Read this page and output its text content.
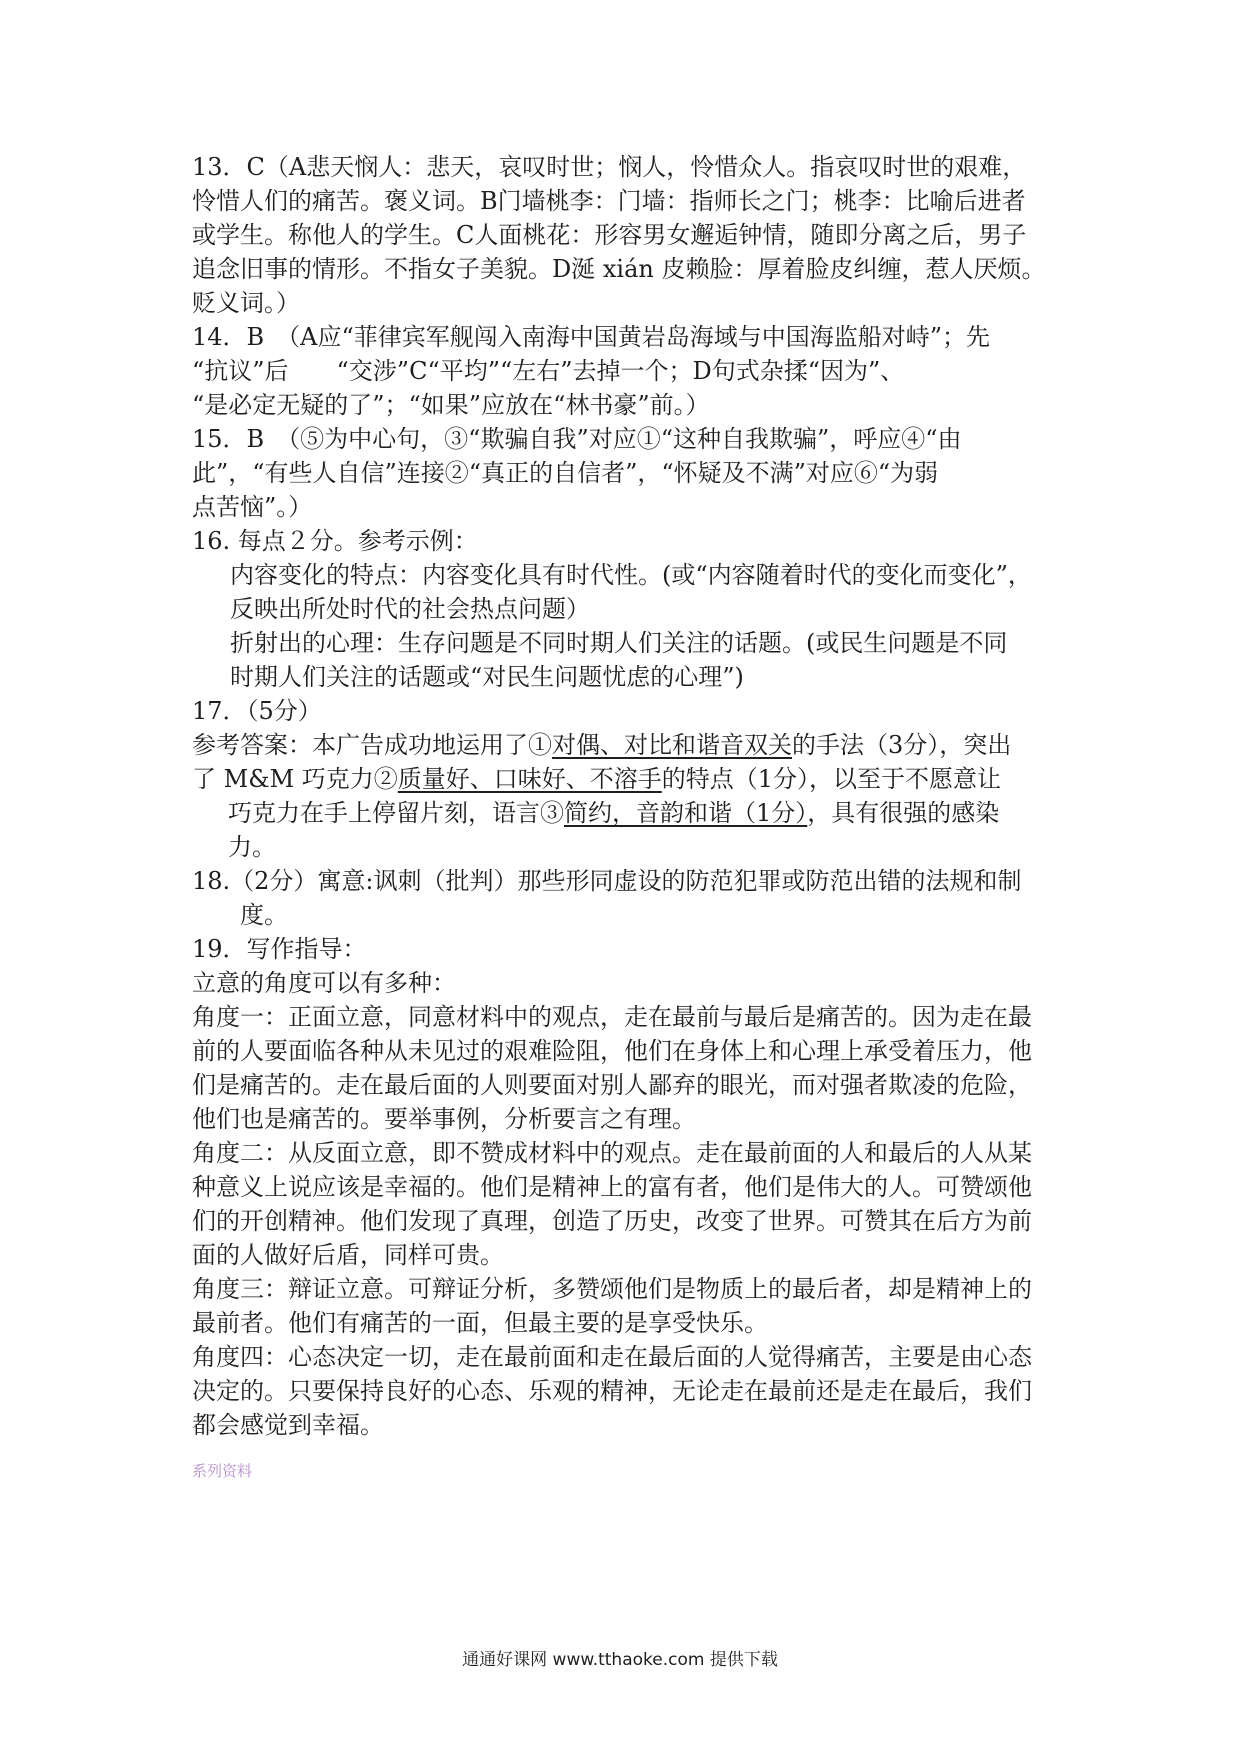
13．C（A悲天悯人：悲天，哀叹时世；悯人，怜惜众人。指哀叹时世的艰难，
怜惜人们的痛苦。褒义词。B门墙桃李：门墙：指师长之门；桃李：比喻后进者
或学生。称他人的学生。C人面桃花：形容男女邂逅钟情，随即分离之后，男子
追念旧事的情形。不指女子美貌。D涎 xián 皮赖脸：厚着脸皮纠缠，惹人厌烦。
贬义词。）
14．B　（A应“菲律宾军舰闯入南海中国黄岩岛海域与中国海监船对峙”；先
“抗议”后　　“交涉”C“平均”“左右”去掉一个；D句式杂揉“因为”、
“是必定无疑的了”；“如果”应放在“林书豪”前。）
15．B　（⑤为中心句，③“欺骗自我”对应①“这种自我欺骗”，呼应④“由
此”，“有些人自信”连接②“真正的自信者”，“怀疑及不满”对应⑥“为弱
点苦恼”。）
16. 每点２分。参考示例：
内容变化的特点：内容变化具有时代性。(或“内容随着时代的变化而变化”，
反映出所处时代的社会热点问题）
折射出的心理：生存问题是不同时期人们关注的话题。(或民生问题是不同
时期人们关注的话题或“对民生问题忧虑的心理”)
17．（5分）
参考答案：本广告成功地运用了①对偶、对比和谐音双关的手法（3分），突出
了 M&M 巧克力②质量好、口味好、不溶手的特点（1分），以至于不愿意让
巧克力在手上停留片刻，语言③简约，音韵和谐（1分），具有很强的感染
力。
18.（2分）寓意:讽刺（批判）那些形同虚设的防范犯罪或防范出错的法规和制
度。
19．写作指导：
立意的角度可以有多种：
角度一：正面立意，同意材料中的观点，走在最前与最后是痛苦的。因为走在最
前的人要面临各种从未见过的艰难险阻，他们在身体上和心理上承受着压力，他
们是痛苦的。走在最后面的人则要面对别人鄙弃的眼光，而对强者欺凌的危险，
他们也是痛苦的。要举事例，分析要言之有理。
角度二：从反面立意，即不赞成材料中的观点。走在最前面的人和最后的人从某
种意义上说应该是幸福的。他们是精神上的富有者，他们是伟大的人。可赞颂他
们的开创精神。他们发现了真理，创造了历史，改变了世界。可赞其在后方为前
面的人做好后盾，同样可贵。
角度三：辩证立意。可辩证分析，多赞颂他们是物质上的最后者，却是精神上的
最前者。他们有痛苦的一面，但最主要的是享受快乐。
角度四：心态决定一切，走在最前面和走在最后面的人觉得痛苦，主要是由心态
决定的。只要保持良好的心态、乐观的精神，无论走在最前还是走在最后，我们
都会感觉到幸福。
系列资料
通通好课网 www.tthaoke.com 提供下载
